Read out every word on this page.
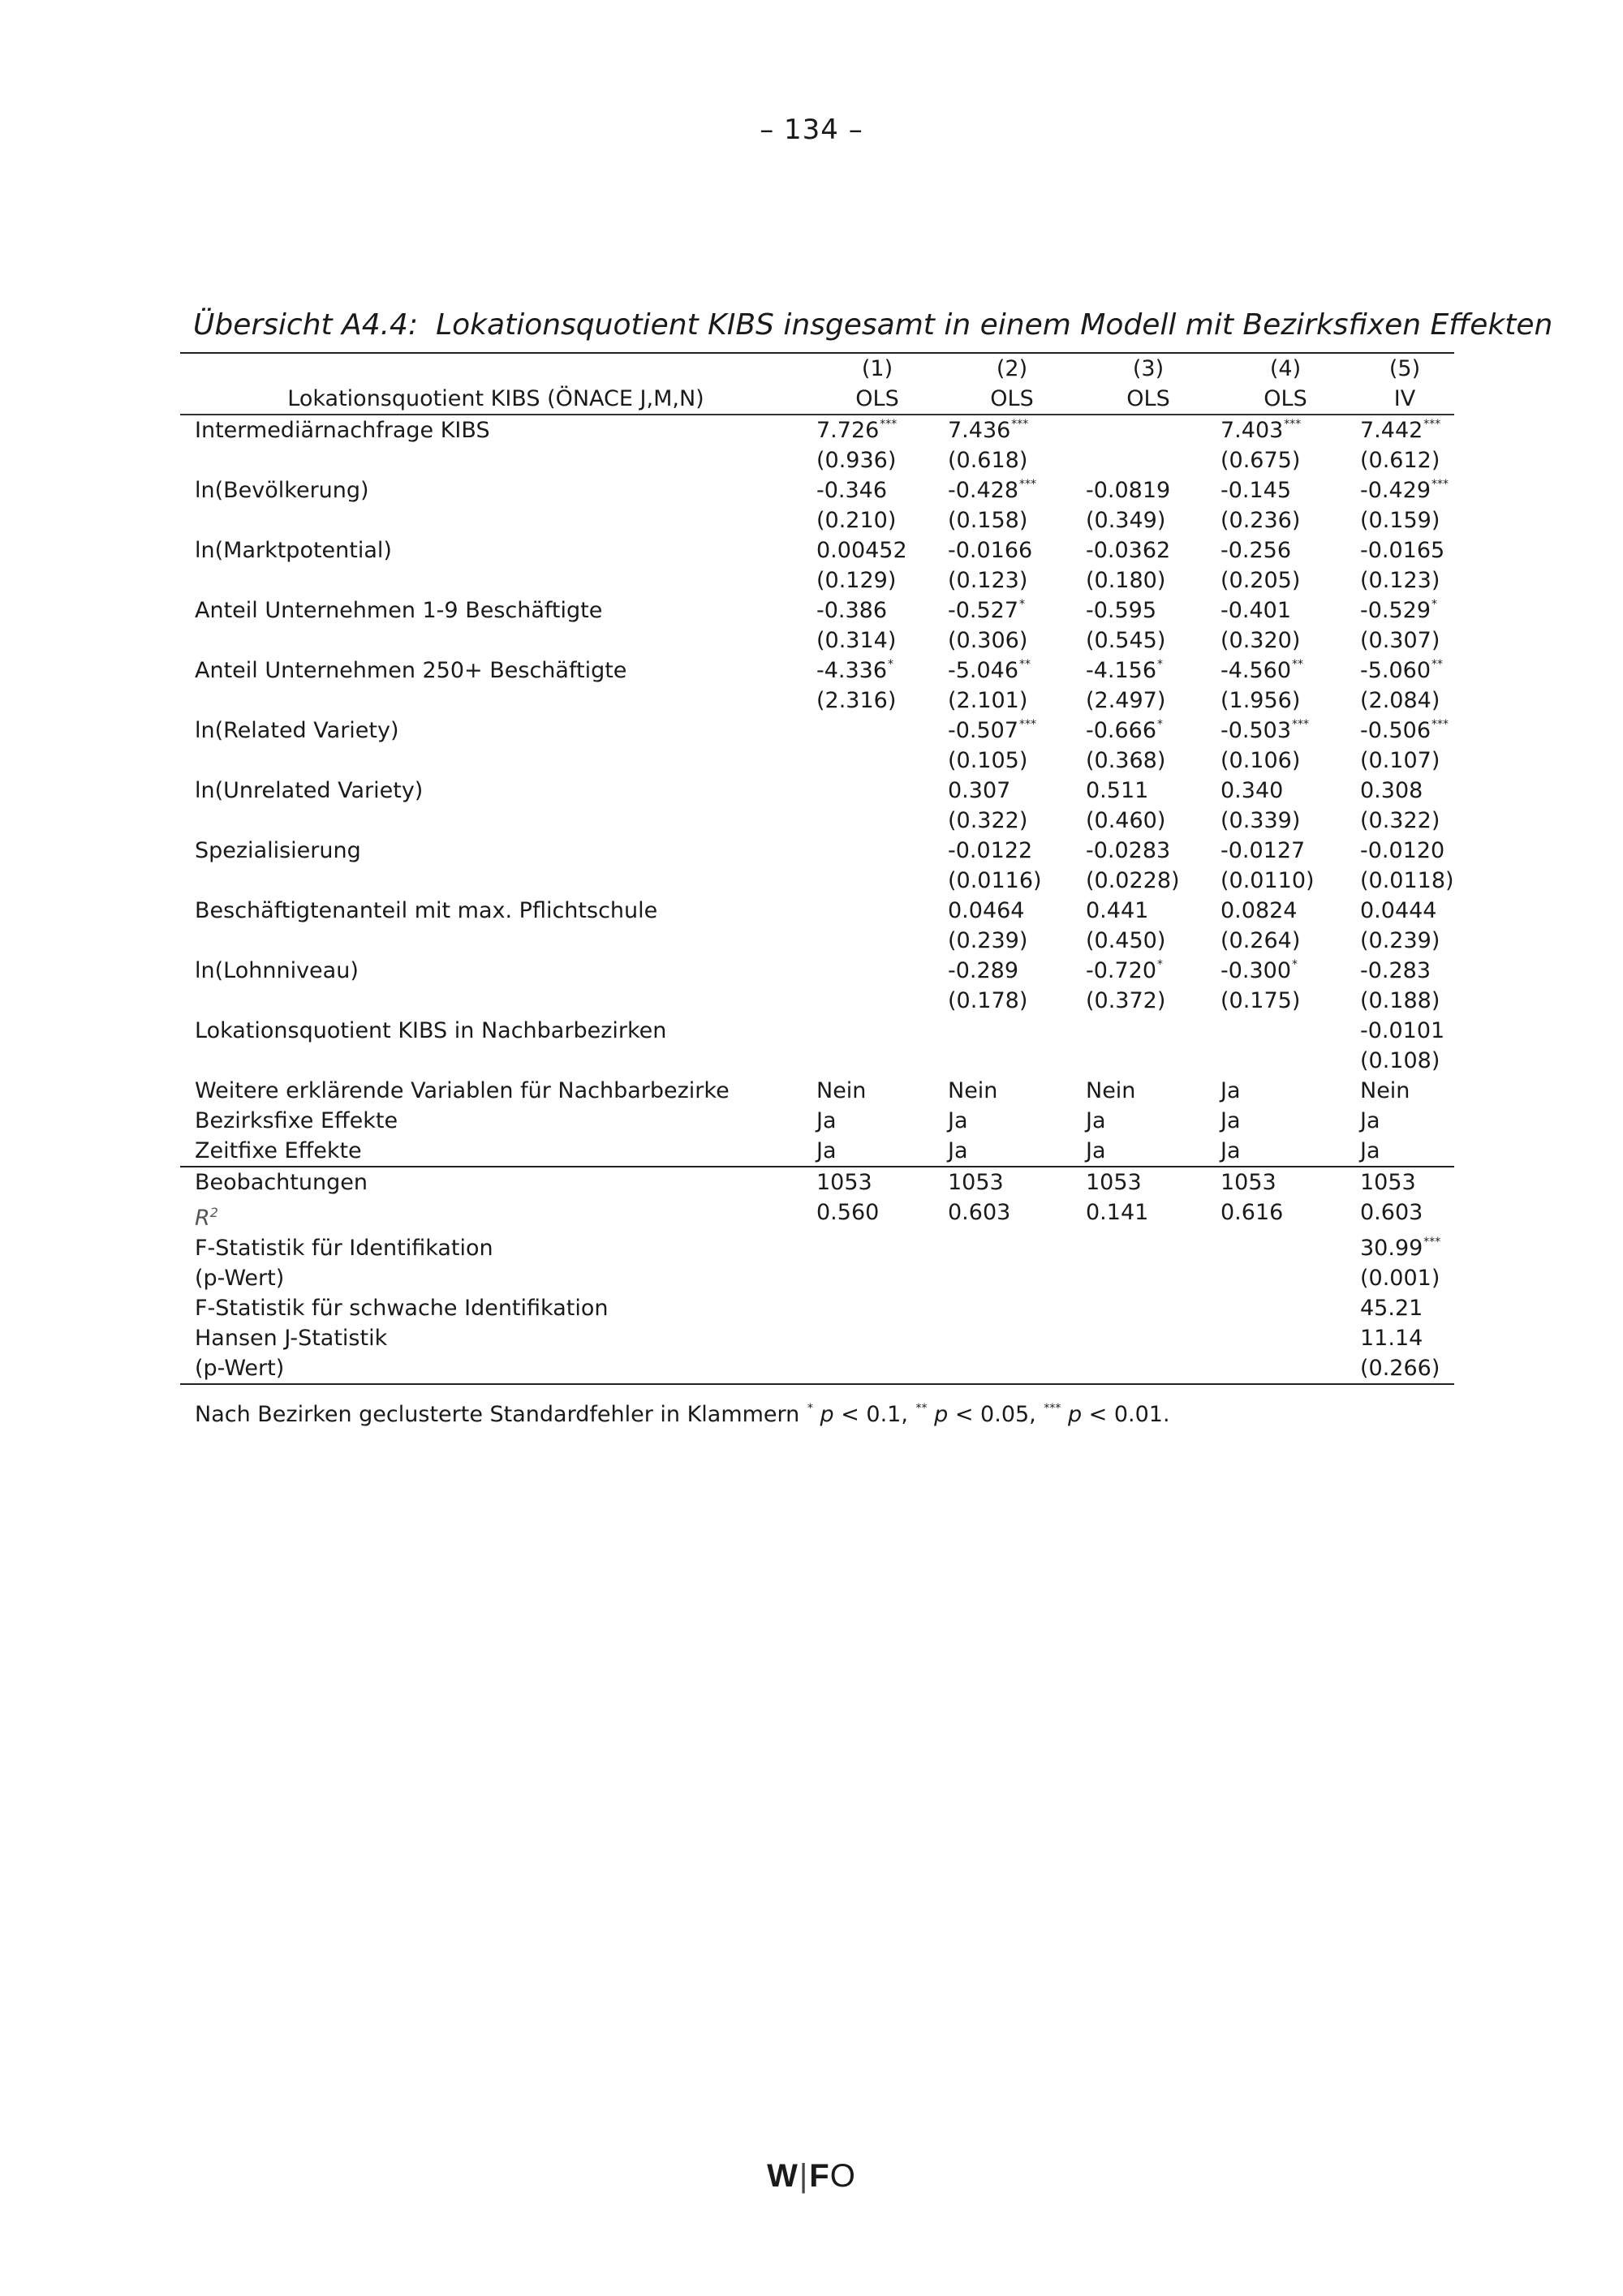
– 134 –
Übersicht A4.4: Lokationsquotient KIBS insgesamt in einem Modell mit Bezirksfixen Effekten
	(1)	(2)	(3)	(4)	(5)
Lokationsquotient KIBS (ÖNACE J,M,N)	OLS	OLS	OLS	OLS	IV
Intermediärnachfrage KIBS	7.726***	7.436***		7.403***	7.442***
	(0.936)	(0.618)		(0.675)	(0.612)
ln(Bevölkerung)	-0.346	-0.428***	-0.0819	-0.145	-0.429***
	(0.210)	(0.158)	(0.349)	(0.236)	(0.159)
ln(Marktpotential)	0.00452	-0.0166	-0.0362	-0.256	-0.0165
	(0.129)	(0.123)	(0.180)	(0.205)	(0.123)
Anteil Unternehmen 1-9 Beschäftigte	-0.386	-0.527*	-0.595	-0.401	-0.529*
	(0.314)	(0.306)	(0.545)	(0.320)	(0.307)
Anteil Unternehmen 250+ Beschäftigte	-4.336*	-5.046**	-4.156*	-4.560**	-5.060**
	(2.316)	(2.101)	(2.497)	(1.956)	(2.084)
ln(Related Variety)		-0.507***	-0.666*	-0.503***	-0.506***
		(0.105)	(0.368)	(0.106)	(0.107)
ln(Unrelated Variety)		0.307	0.511	0.340	0.308
		(0.322)	(0.460)	(0.339)	(0.322)
Spezialisierung		-0.0122	-0.0283	-0.0127	-0.0120
		(0.0116)	(0.0228)	(0.0110)	(0.0118)
Beschäftigtenanteil mit max. Pflichtschule		0.0464	0.441	0.0824	0.0444
		(0.239)	(0.450)	(0.264)	(0.239)
ln(Lohnniveau)		-0.289	-0.720*	-0.300*	-0.283
		(0.178)	(0.372)	(0.175)	(0.188)
Lokationsquotient KIBS in Nachbarbezirken					-0.0101
					(0.108)
Weitere erklärende Variablen für Nachbarbezirke	Nein	Nein	Nein	Ja	Nein
Bezirksfixe Effekte	Ja	Ja	Ja	Ja	Ja
Zeitfixe Effekte	Ja	Ja	Ja	Ja	Ja
Beobachtungen	1053	1053	1053	1053	1053
$R^2$	0.560	0.603	0.141	0.616	0.603
F-Statistik für Identifikation					30.99***
(p-Wert)					(0.001)
F-Statistik für schwache Identifikation					45.21
Hansen J-Statistik					11.14
(p-Wert)					(0.266)
Nach Bezirken geclusterte Standardfehler in Klammern * p < 0.1, ** p < 0.05, *** p < 0.01.
W|FO
